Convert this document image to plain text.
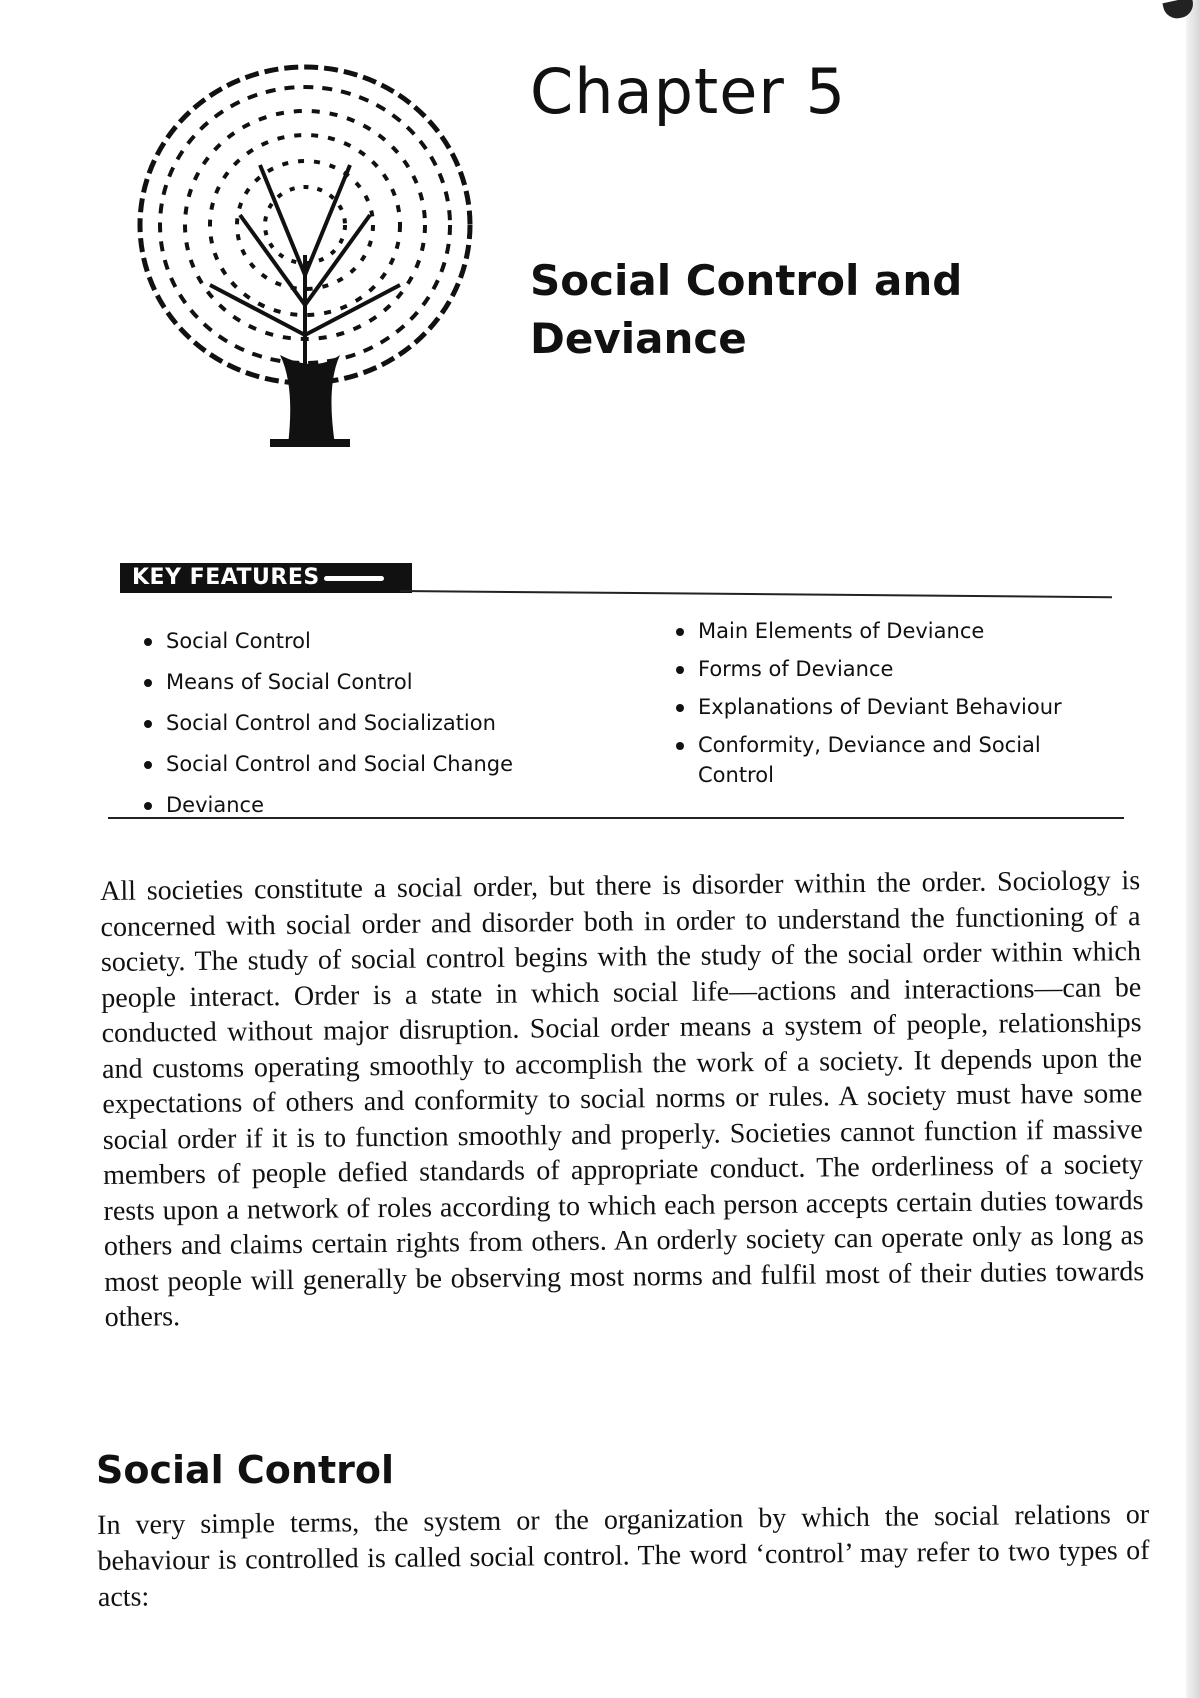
Chapter 5
Social Control and Deviance
KEY FEATURES
Social Control
Means of Social Control
Social Control and Socialization
Social Control and Social Change
Deviance
Main Elements of Deviance
Forms of Deviance
Explanations of Deviant Behaviour
Conformity, Deviance and Social Control

All societies constitute a social order, but there is disorder within the order. Sociology is concerned with social order and disorder both in order to understand the functioning of a society. The study of social control begins with the study of the social order within which people interact. Order is a state in which social life—actions and interactions—can be conducted without major disruption. Social order means a system of people, relationships and customs operating smoothly to accomplish the work of a society. It depends upon the expectations of others and conformity to social norms or rules. A society must have some social order if it is to function smoothly and properly. Societies cannot function if massive members of people defied standards of appropriate conduct. The orderliness of a society rests upon a network of roles according to which each person accepts certain duties towards others and claims certain rights from others. An orderly society can operate only as long as most people will generally be observing most norms and fulfil most of their duties towards others.

Social Control

In very simple terms, the system or the organization by which the social relations or behaviour is controlled is called social control. The word ‘control’ may refer to two types of acts:
